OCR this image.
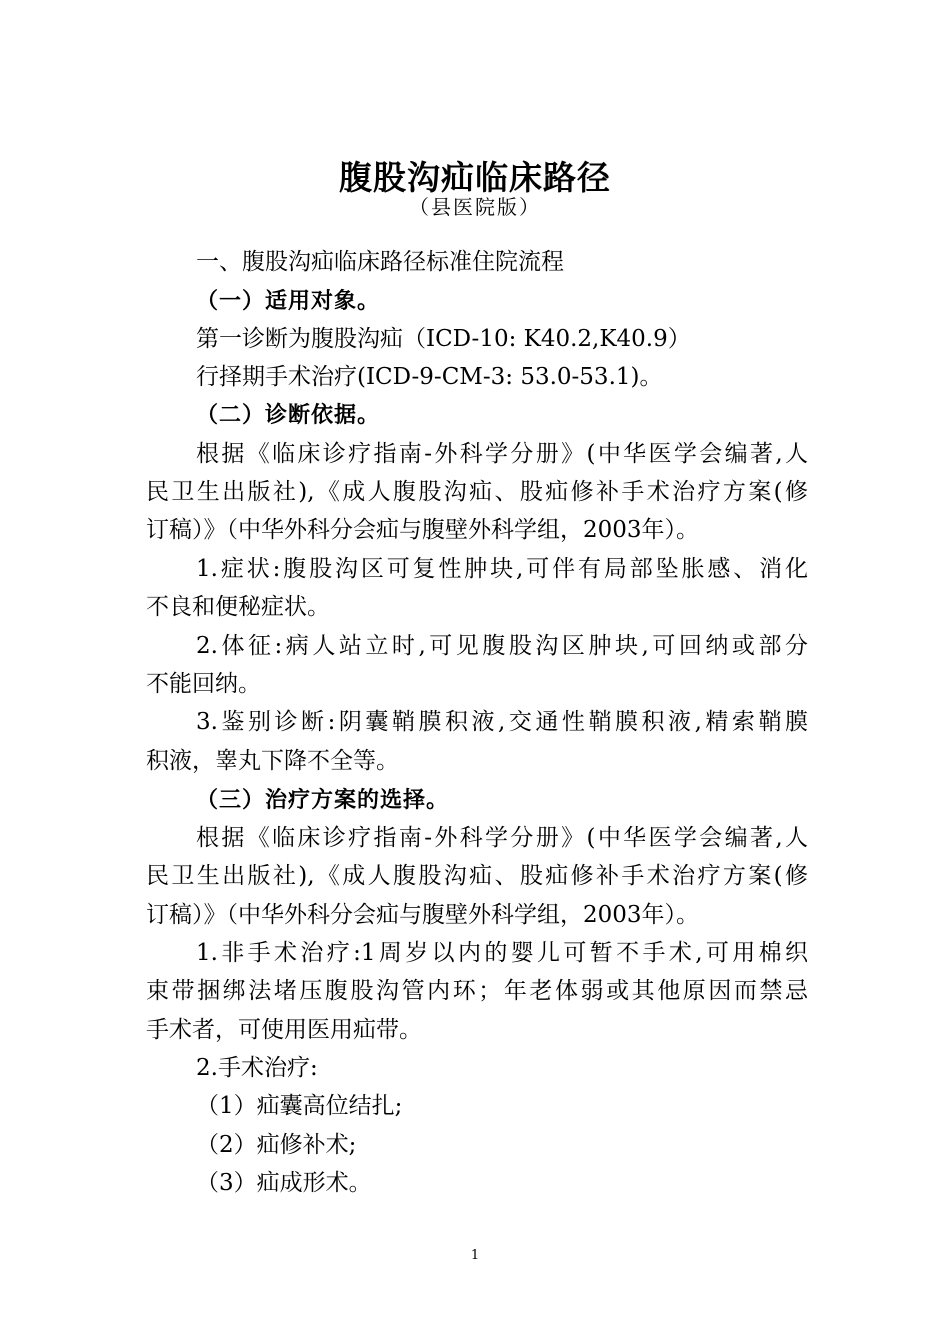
腹股沟疝临床路径
（县医院版）
一、腹股沟疝临床路径标准住院流程
（一）适用对象。
第一诊断为腹股沟疝（ICD-10: K40.2,K40.9）
行择期手术治疗(ICD-9-CM-3: 53.0-53.1)。
（二）诊断依据。
根据《临床诊疗指南-外科学分册》(中华医学会编著,人
民卫生出版社),《成人腹股沟疝、股疝修补手术治疗方案(修
订稿）》（中华外科分会疝与腹壁外科学组，2003年）。
1.症状:腹股沟区可复性肿块,可伴有局部坠胀感、消化
不良和便秘症状。
2.体征:病人站立时,可见腹股沟区肿块,可回纳或部分
不能回纳。
3.鉴别诊断:阴囊鞘膜积液,交通性鞘膜积液,精索鞘膜
积液，睾丸下降不全等。
（三）治疗方案的选择。
根据《临床诊疗指南-外科学分册》(中华医学会编著,人
民卫生出版社),《成人腹股沟疝、股疝修补手术治疗方案(修
订稿）》（中华外科分会疝与腹壁外科学组，2003年）。
1.非手术治疗:1周岁以内的婴儿可暂不手术,可用棉织
束带捆绑法堵压腹股沟管内环；年老体弱或其他原因而禁忌
手术者，可使用医用疝带。
2.手术治疗:
（1）疝囊高位结扎;
（2）疝修补术;
（3）疝成形术。
1
